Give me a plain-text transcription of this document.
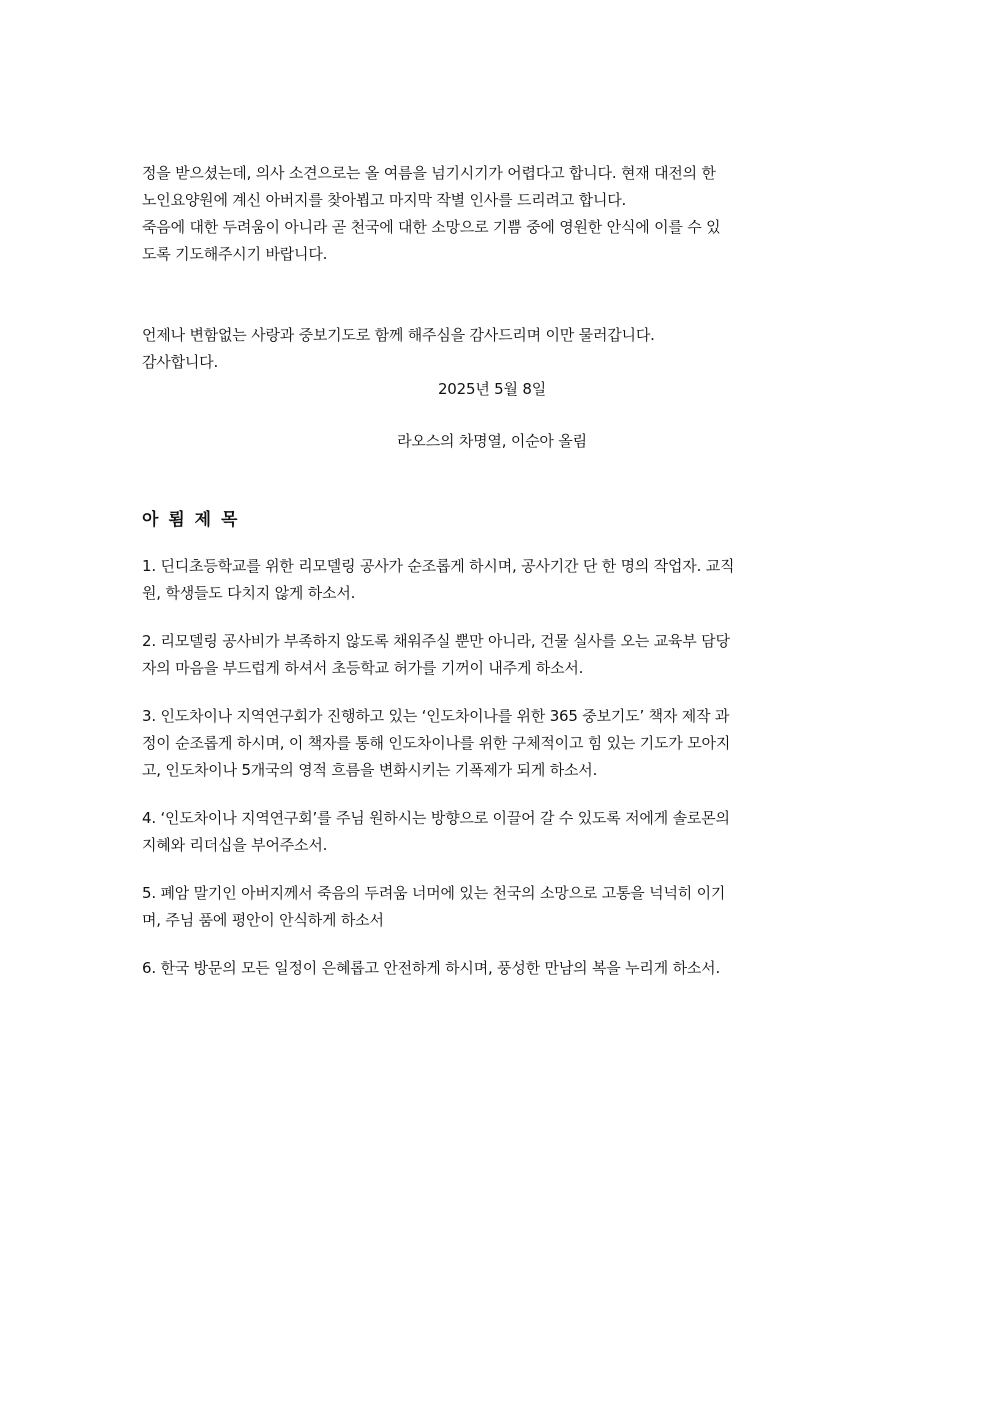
정을 받으셨는데, 의사 소견으로는 올 여름을 넘기시기가 어렵다고 합니다. 현재 대전의 한
노인요양원에 계신 아버지를 찾아뵙고 마지막 작별 인사를 드리려고 합니다.
죽음에 대한 두려움이 아니라 곧 천국에 대한 소망으로 기쁨 중에 영원한 안식에 이를 수 있
도록 기도해주시기 바랍니다.
언제나 변함없는 사랑과 중보기도로 함께 해주심을 감사드리며 이만 물러갑니다.
감사합니다.
2025년 5월 8일
라오스의 차명열, 이순아 올림
아 룀 제 목
1. 딘디초등학교를 위한 리모델링 공사가 순조롭게 하시며, 공사기간 단 한 명의 작업자. 교직
원, 학생들도 다치지 않게 하소서.
2. 리모델링 공사비가 부족하지 않도록 채워주실 뿐만 아니라, 건물 실사를 오는 교육부 담당
자의 마음을 부드럽게 하셔서 초등학교 허가를 기꺼이 내주게 하소서.
3. 인도차이나 지역연구회가 진행하고 있는 ‘인도차이나를 위한 365 중보기도’ 책자 제작 과
정이 순조롭게 하시며, 이 책자를 통해 인도차이나를 위한 구체적이고 힘 있는 기도가 모아지
고, 인도차이나 5개국의 영적 흐름을 변화시키는 기폭제가 되게 하소서.
4. ‘인도차이나 지역연구회’를 주님 원하시는 방향으로 이끌어 갈 수 있도록 저에게 솔로몬의
지혜와 리더십을 부어주소서.
5. 폐암 말기인 아버지께서 죽음의 두려움 너머에 있는 천국의 소망으로 고통을 넉넉히 이기
며, 주님 품에 평안이 안식하게 하소서
6. 한국 방문의 모든 일정이 은혜롭고 안전하게 하시며, 풍성한 만남의 복을 누리게 하소서.
